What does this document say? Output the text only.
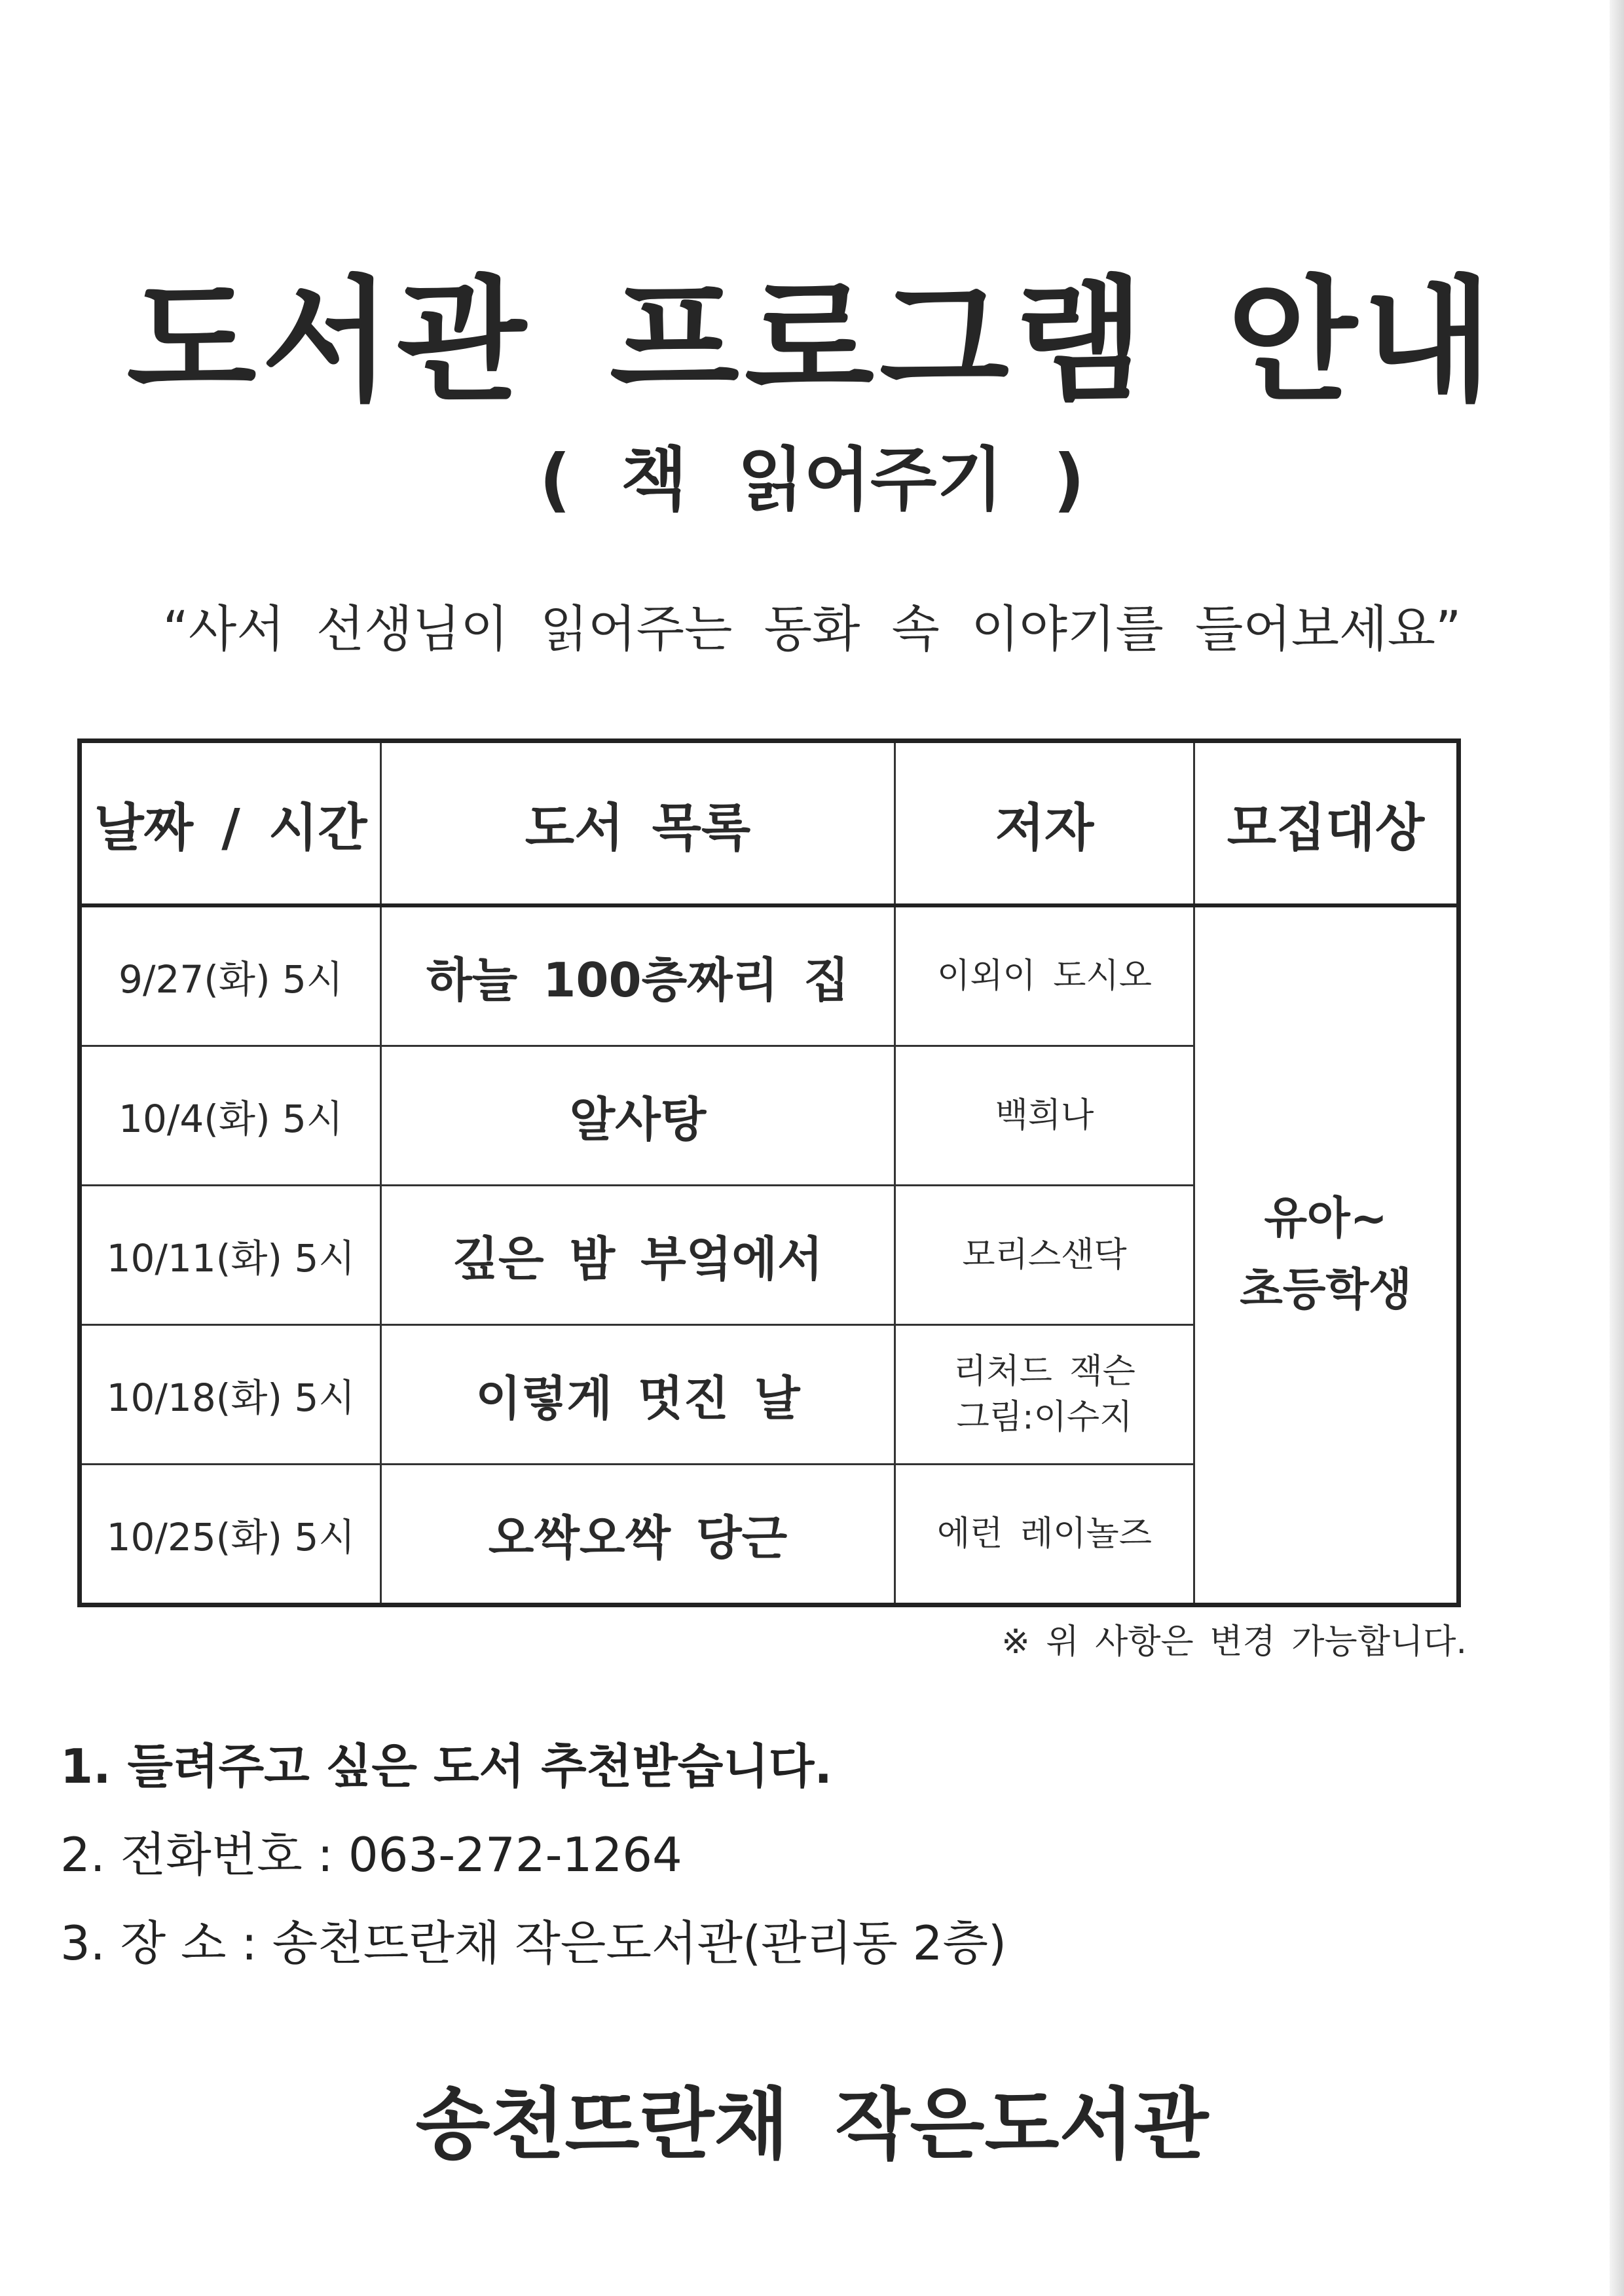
도서관 프로그램 안내
( 책 읽어주기 )
“사서 선생님이 읽어주는 동화 속 이야기를 들어보세요”
날짜 / 시간	도서 목록	저자	모집대상
9/27(화) 5시	하늘 100층짜리 집	이외이 도시오	유아~
초등학생

10/4(화) 5시	알사탕	백희나	
10/11(화) 5시	깊은 밤 부엌에서	모리스샌닥	
10/18(화) 5시	이렇게 멋진 날	리처드 잭슨
그림:이수지	

10/25(화) 5시	오싹오싹 당근	에런 레이놀즈	
※ 위 사항은 변경 가능합니다.
1. 들려주고 싶은 도서 추천받습니다.
2. 전화번호 : 063-272-1264
3. 장 소 : 송천뜨란채 작은도서관(관리동 2층)
송천뜨란채 작은도서관
